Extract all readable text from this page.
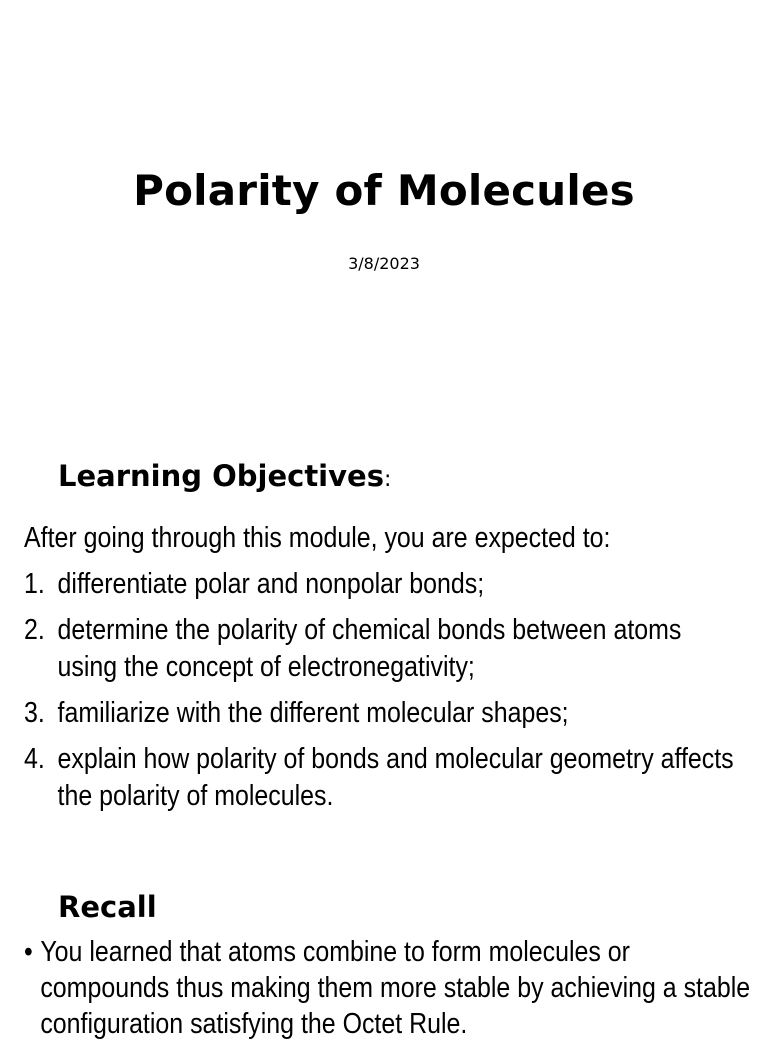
Polarity of Molecules
3/8/2023
Learning Objectives:
After going through this module, you are expected to:
1. differentiate polar and nonpolar bonds;
2. determine the polarity of chemical bonds between atoms using the concept of electronegativity;
3. familiarize with the different molecular shapes;
4. explain how polarity of bonds and molecular geometry affects the polarity of molecules.
Recall
• You learned that atoms combine to form molecules or compounds thus making them more stable by achieving a stable configuration satisfying the Octet Rule.
